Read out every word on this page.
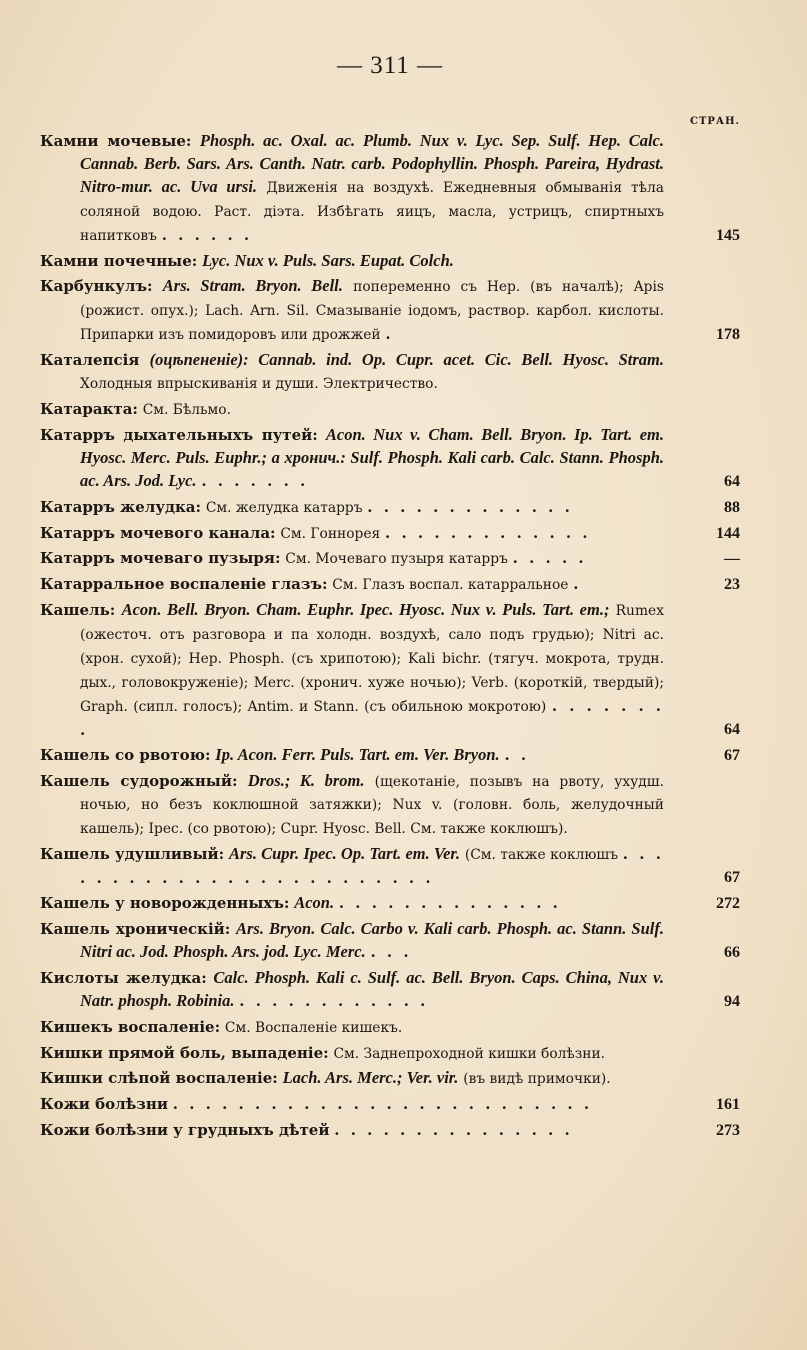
— 311 —
СТРАН.
Камни мочевые: Phosph. ac. Oxal. ac. Plumb. Nux v. Lyc. Sep. Sulf. Hep. Calc. Cannab. Berb. Sars. Ars. Canth. Natr. carb. Podophyllin. Phosph. Pareira, Hydrast. Nitro-mur. ac. Uva ursi. Движенія на воздухѣ. Ежедневныя обмыванія тѣла соляной водою. Раст. діэта. Избѣгать яицъ, масла, устрицъ, спиртныхъ напитковъ . . . . . .	145
Камни почечные: Lyc. Nux v. Puls. Sars. Eupat. Colch.
Карбункулъ: Ars. Stram. Bryon. Bell. попеременно съ Hep. (въ началѣ); Apis (рожист. опух.); Lach. Arn. Sil. Смазываніе іодомъ, раствор. карбол. кислоты. Припарки изъ помидоровъ или дрожжей .	178
Каталепсія (оцѣпененіе): Cannab. ind. Op. Cupr. acet. Cic. Bell. Hyosc. Stram. Холодныя впрыскиванія и души. Электричество.
Катаракта: См. Бѣльмо.
Катарръ дыхательныхъ путей: Acon. Nux v. Cham. Bell. Bryon. Ip. Tart. em. Hyosc. Merc. Puls. Euphr.; а хронич.: Sulf. Phosph. Kali carb. Calc. Stann. Phosph. ac. Ars. Jod. Lyc. . . . . . . .	64
Катарръ желудка: См. желудка катарръ . . . . . . . . . . . . .	88
Катарръ мочевого канала: См. Гоннорея . . . . . . . . . . . . .	144
Катарръ мочеваго пузыря: См. Мочеваго пузыря катарръ . . . . .	—
Катарральное воспаленіе глазъ: См. Глазъ воспал. катарральное .	23
Кашель: Acon. Bell. Bryon. Cham. Euphr. Ipec. Hyosc. Nux v. Puls. Tart. em.; Rumex (ожесточ. отъ разговора и па холодн. воздухѣ, сало подъ грудью); Nitri ac. (хрон. сухой); Hep. Phosph. (съ хрипотою); Kali bichr. (тягуч. мокрота, трудн. дых., головокруженіе); Merc. (хронич. хуже ночью); Verb. (короткій, твердый); Graph. (сипл. голосъ); Antim. и Stann. (съ обильною мокротою) . . . . . . . .	64
Кашель со рвотою: Ip. Acon. Ferr. Puls. Tart. em. Ver. Bryon. . .	67
Кашель судорожный: Dros.; K. brom. (щекотаніе, позывъ на рвоту, ухудш. ночью, но безъ коклюшной затяжки); Nux v. (головн. боль, желудочный кашель); Ipec. (со рвотою); Cupr. Hyosc. Bell. См. также коклюшъ).
Кашель удушливый: Ars. Cupr. Ipec. Op. Tart. em. Ver. (См. также коклюшъ . . . . . . . . . . . . . . . . . . . . . . . . .	67
Кашель у новорожденныхъ: Acon. . . . . . . . . . . . . . .	272
Кашель хроническій: Ars. Bryon. Calc. Carbo v. Kali carb. Phosph. ac. Stann. Sulf. Nitri ac. Jod. Phosph. Ars. jod. Lyc. Merc. . . .	66
Кислоты желудка: Calc. Phosph. Kali c. Sulf. ac. Bell. Bryon. Caps. China, Nux v. Natr. phosph. Robinia. . . . . . . . . . . . .	94
Кишекъ воспаленіе: См. Воспаленіе кишекъ.
Кишки прямой боль, выпаденіе: См. Заднепроходной кишки болѣзни.
Кишки слѣпой воспаленіе: Lach. Ars. Merc.; Ver. vir. (въ видѣ примочки).
Кожи болѣзни . . . . . . . . . . . . . . . . . . . . . . . . . .	161
Кожи болѣзни у грудныхъ дѣтей . . . . . . . . . . . . . . .	273
